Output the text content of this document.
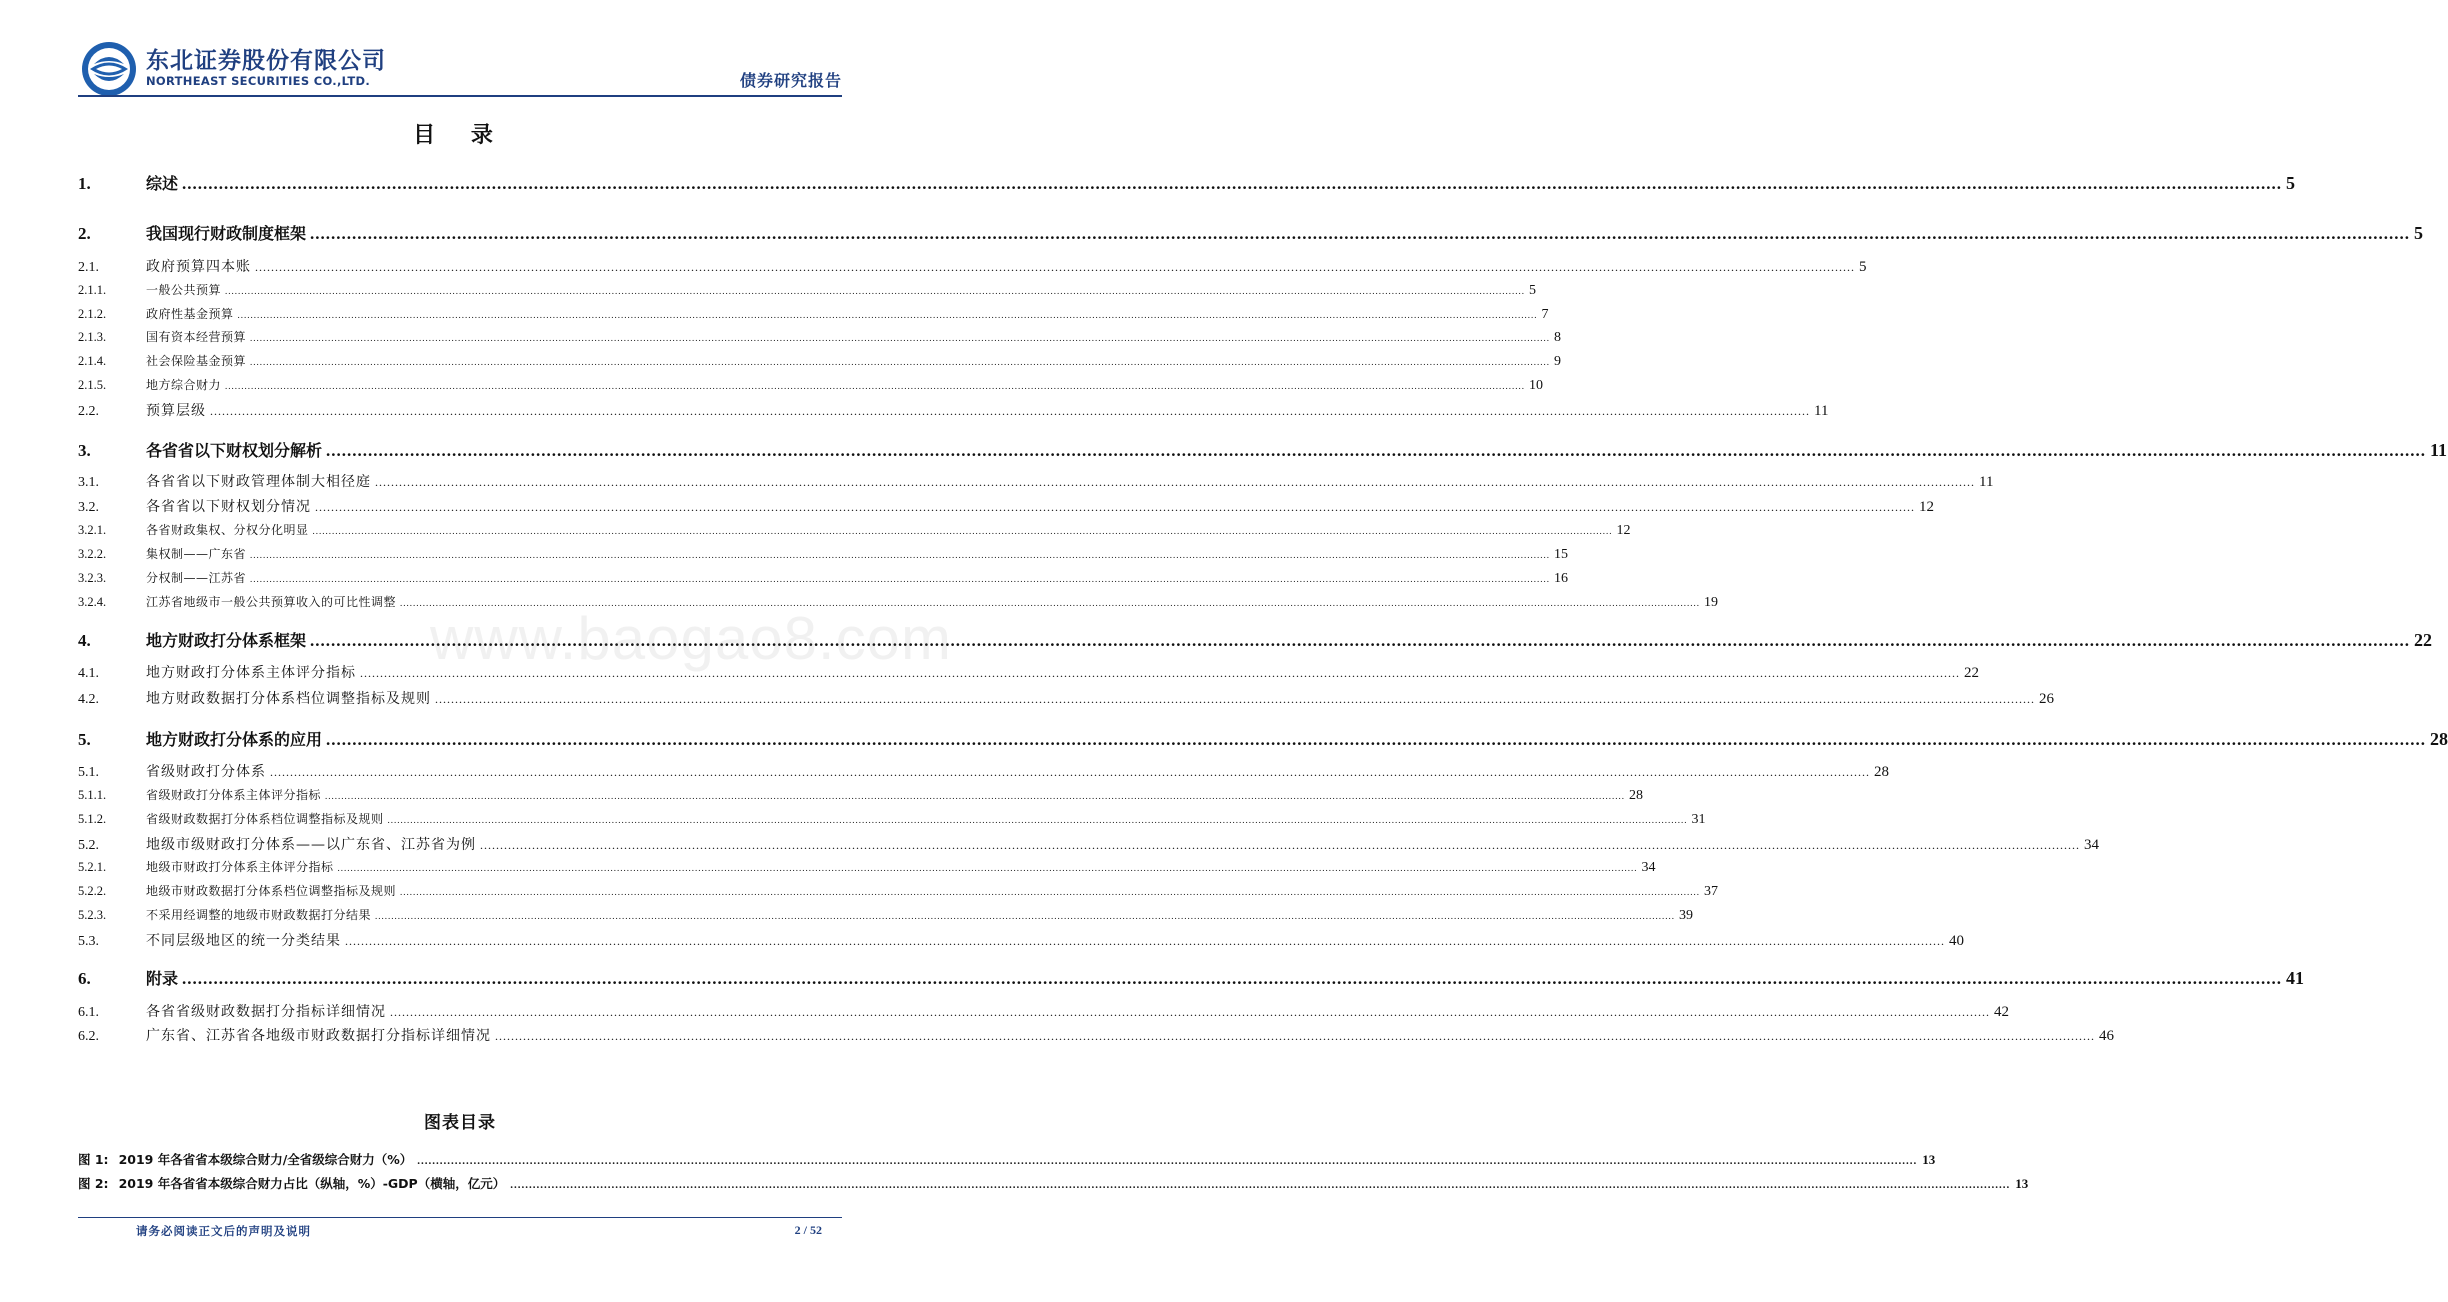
东北证券股份有限公司
NORTHEAST SECURITIES CO.,LTD.	债券研究报告
目 录
1.	综述 ................................................................................................................................................................................................................................................................................................................................................................................................................ 5
2.	我国现行财政制度框架 ................................................................................................................................................................................................................................................................................................................................................................................................................ 5
2.1.	政府预算四本账 ................................................................................................................................................................................................................................................................................................................................................................................................................ 5
2.1.1.	一般公共预算 ................................................................................................................................................................................................................................................................................................................................................................................................................ 5
2.1.2.	政府性基金预算 ................................................................................................................................................................................................................................................................................................................................................................................................................ 7
2.1.3.	国有资本经营预算 ................................................................................................................................................................................................................................................................................................................................................................................................................ 8
2.1.4.	社会保险基金预算 ................................................................................................................................................................................................................................................................................................................................................................................................................ 9
2.1.5.	地方综合财力 ................................................................................................................................................................................................................................................................................................................................................................................................................ 10
2.2.	预算层级 ................................................................................................................................................................................................................................................................................................................................................................................................................ 11
3.	各省省以下财权划分解析 ................................................................................................................................................................................................................................................................................................................................................................................................................ 11
3.1.	各省省以下财政管理体制大相径庭 ................................................................................................................................................................................................................................................................................................................................................................................................................ 11
3.2.	各省省以下财权划分情况 ................................................................................................................................................................................................................................................................................................................................................................................................................ 12
3.2.1.	各省财政集权、分权分化明显 ................................................................................................................................................................................................................................................................................................................................................................................................................ 12
3.2.2.	集权制——广东省 ................................................................................................................................................................................................................................................................................................................................................................................................................ 15
3.2.3.	分权制——江苏省 ................................................................................................................................................................................................................................................................................................................................................................................................................ 16
3.2.4.	江苏省地级市一般公共预算收入的可比性调整 ................................................................................................................................................................................................................................................................................................................................................................................................................ 19
4.	地方财政打分体系框架 ................................................................................................................................................................................................................................................................................................................................................................................................................ 22
4.1.	地方财政打分体系主体评分指标 ................................................................................................................................................................................................................................................................................................................................................................................................................ 22
4.2.	地方财政数据打分体系档位调整指标及规则 ................................................................................................................................................................................................................................................................................................................................................................................................................ 26
5.	地方财政打分体系的应用 ................................................................................................................................................................................................................................................................................................................................................................................................................ 28
5.1.	省级财政打分体系 ................................................................................................................................................................................................................................................................................................................................................................................................................ 28
5.1.1.	省级财政打分体系主体评分指标 ................................................................................................................................................................................................................................................................................................................................................................................................................ 28
5.1.2.	省级财政数据打分体系档位调整指标及规则 ................................................................................................................................................................................................................................................................................................................................................................................................................ 31
5.2.	地级市级财政打分体系——以广东省、江苏省为例 ................................................................................................................................................................................................................................................................................................................................................................................................................ 34
5.2.1.	地级市财政打分体系主体评分指标 ................................................................................................................................................................................................................................................................................................................................................................................................................ 34
5.2.2.	地级市财政数据打分体系档位调整指标及规则 ................................................................................................................................................................................................................................................................................................................................................................................................................ 37
5.2.3.	不采用经调整的地级市财政数据打分结果 ................................................................................................................................................................................................................................................................................................................................................................................................................ 39
5.3.	不同层级地区的统一分类结果 ................................................................................................................................................................................................................................................................................................................................................................................................................ 40
6.	附录 ................................................................................................................................................................................................................................................................................................................................................................................................................ 41
6.1.	各省省级财政数据打分指标详细情况 ................................................................................................................................................................................................................................................................................................................................................................................................................ 42
6.2.	广东省、江苏省各地级市财政数据打分指标详细情况 ................................................................................................................................................................................................................................................................................................................................................................................................................ 46
www.baogao8.com
图表目录
图 1: 2019 年各省省本级综合财力/全省级综合财力（%） ................................................................................................................................................................................................................................................................................................................................................................................................................ 13
图 2: 2019 年各省省本级综合财力占比（纵轴，%）-GDP（横轴，亿元） ................................................................................................................................................................................................................................................................................................................................................................................................................ 13
请务必阅读正文后的声明及说明	2 / 52
